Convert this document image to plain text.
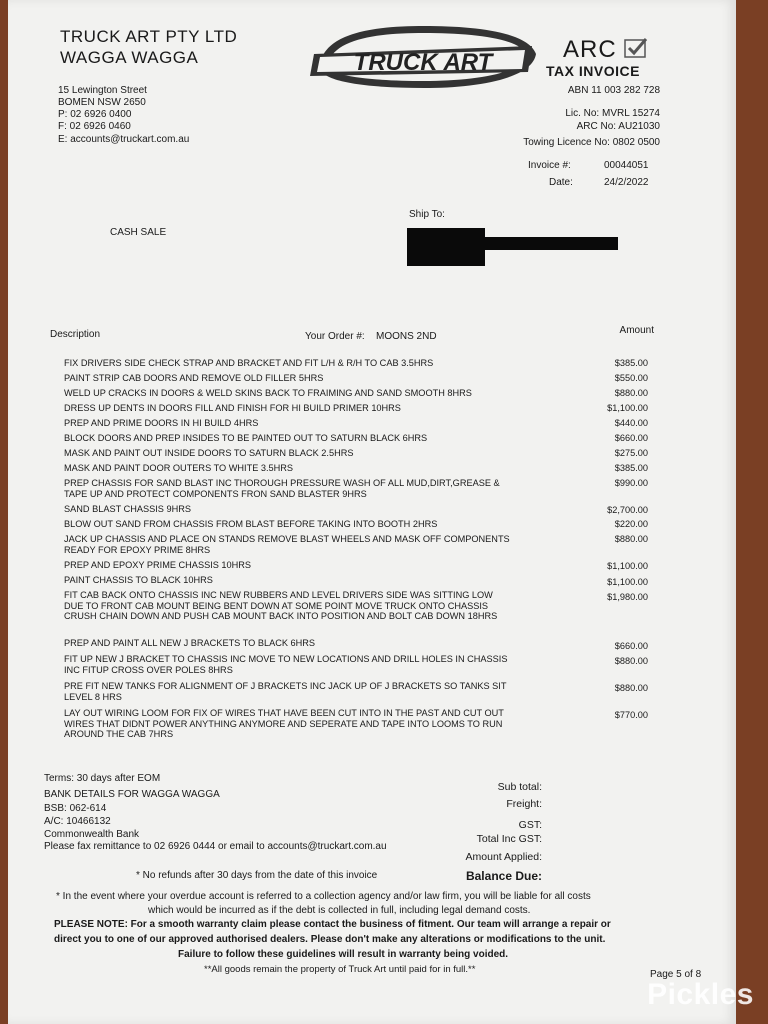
TRUCK ART PTY LTD
WAGGA WAGGA
15 Lewington Street
BOMEN NSW 2650
P: 02 6926 0400
F: 02 6926 0460
E: accounts@truckart.com.au
TRUCK ART	ARC
TAX INVOICE
ABN 11 003 282 728
Lic. No: MVRL 15274
ARC No: AU21030
Towing Licence No: 0802 0500
Invoice #:	00044051
Date:	24/2/2022
CASH SALE
Ship To:
Description	Your Order #: MOONS 2ND
Amount
FIX DRIVERS SIDE CHECK STRAP AND BRACKET AND FIT L/H & R/H TO CAB 3.5HRS	$385.00
PAINT STRIP CAB DOORS AND REMOVE OLD FILLER 5HRS	$550.00
WELD UP CRACKS IN DOORS & WELD SKINS BACK TO FRAIMING AND SAND SMOOTH 8HRS	$880.00
DRESS UP DENTS IN DOORS FILL AND FINISH FOR HI BUILD PRIMER 10HRS	$1,100.00
PREP AND PRIME DOORS IN HI BUILD 4HRS	$440.00
BLOCK DOORS AND PREP INSIDES TO BE PAINTED OUT TO SATURN BLACK 6HRS	$660.00
MASK AND PAINT OUT INSIDE DOORS TO SATURN BLACK 2.5HRS	$275.00
MASK AND PAINT DOOR OUTERS TO WHITE 3.5HRS	$385.00
PREP CHASSIS FOR SAND BLAST INC THOROUGH PRESSURE WASH OF ALL MUD,DIRT,GREASE & TAPE UP AND PROTECT COMPONENTS FRON SAND BLASTER 9HRS
$990.00
SAND BLAST CHASSIS 9HRS	$2,700.00
BLOW OUT SAND FROM CHASSIS FROM BLAST BEFORE TAKING INTO BOOTH 2HRS	$220.00
JACK UP CHASSIS AND PLACE ON STANDS REMOVE BLAST WHEELS AND MASK OFF COMPONENTS READY FOR EPOXY PRIME 8HRS
$880.00
PREP AND EPOXY PRIME CHASSIS 10HRS	$1,100.00
PAINT CHASSIS TO BLACK 10HRS	$1,100.00
FIT CAB BACK ONTO CHASSIS INC NEW RUBBERS AND LEVEL DRIVERS SIDE WAS SITTING LOW DUE TO FRONT CAB MOUNT BEING BENT DOWN AT SOME POINT MOVE TRUCK ONTO CHASSIS CRUSH CHAIN DOWN AND PUSH CAB MOUNT BACK INTO POSITION AND BOLT CAB DOWN 18HRS
$1,980.00
PREP AND PAINT ALL NEW J BRACKETS TO BLACK 6HRS	$660.00
FIT UP NEW J BRACKET TO CHASSIS INC MOVE TO NEW LOCATIONS AND DRILL HOLES IN CHASSIS INC FITUP CROSS OVER POLES 8HRS
$880.00
PRE FIT NEW TANKS FOR ALIGNMENT OF J BRACKETS INC JACK UP OF J BRACKETS SO TANKS SIT LEVEL 8 HRS
$880.00
LAY OUT WIRING LOOM FOR FIX OF WIRES THAT HAVE BEEN CUT INTO IN THE PAST AND CUT OUT WIRES THAT DIDNT POWER ANYTHING ANYMORE AND SEPERATE AND TAPE INTO LOOMS TO RUN AROUND THE CAB 7HRS
$770.00
Terms: 30 days after EOM
BANK DETAILS FOR WAGGA WAGGA
BSB: 062-614
A/C: 10466132
Commonwealth Bank
Please fax remittance to 02 6926 0444 or email to accounts@truckart.com.au
Sub total:
Freight:
GST:
Total Inc GST:
Amount Applied:
Balance Due:
* No refunds after 30 days from the date of this invoice
* In the event where your overdue account is referred to a collection agency and/or law firm, you will be liable for all costs
which would be incurred as if the debt is collected in full, including legal demand costs.
PLEASE NOTE: For a smooth warranty claim please contact the business of fitment. Our team will arrange a repair or
direct you to one of our approved authorised dealers. Please don't make any alterations or modifications to the unit.
Failure to follow these guidelines will result in warranty being voided.
**All goods remain the property of Truck Art until paid for in full.**	Page 5 of 8
Pickles
